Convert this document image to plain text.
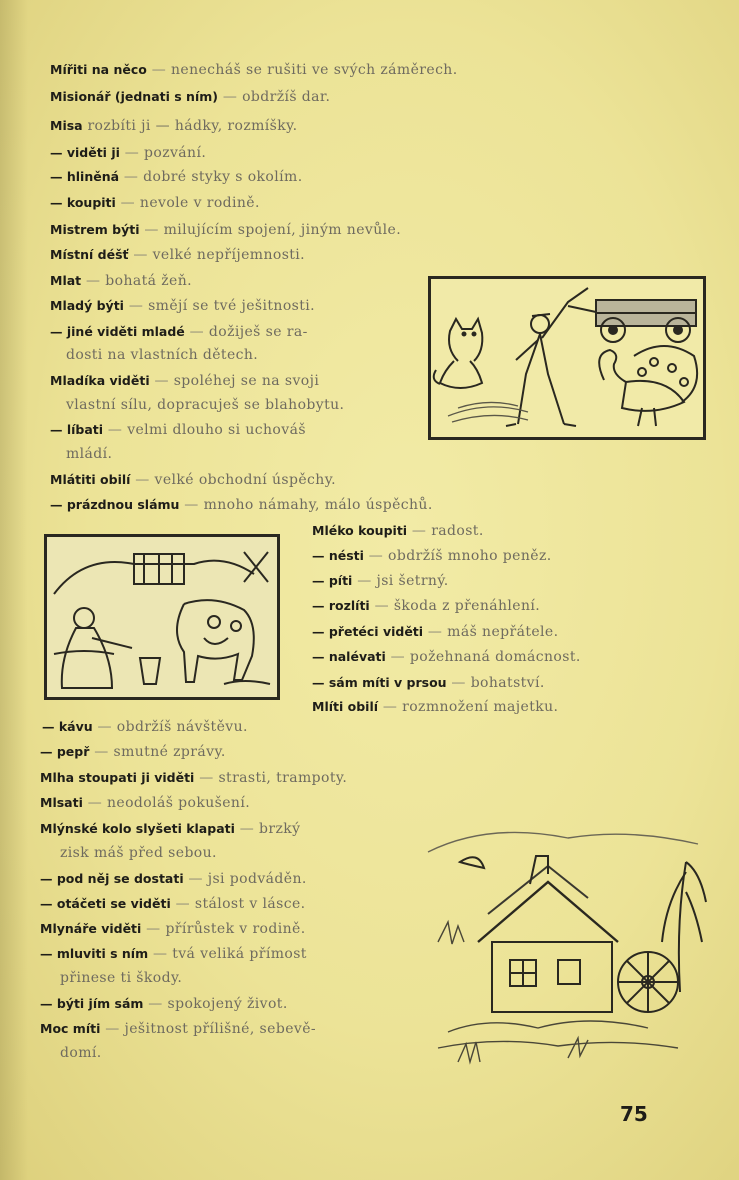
Mířiti na něco — nenecháš se rušiti ve svých záměrech.
Misionář (jednati s ním) — obdržíš dar.
Misa rozbíti ji — hádky, rozmíšky.
— viděti ji — pozvání.
— hliněná — dobré styky s okolím.
— koupiti — nevole v rodině.
Mistrem býti — milujícím spojení, jiným nevůle.
Místní déšť — velké nepříjemnosti.
Mlat — bohatá žeň.
Mladý býti — smějí se tvé ješitnosti.
— jiné viděti mladé — dožiješ se ra-
dosti na vlastních dětech.
Mladíka viděti — spoléhej se na svoji
vlastní sílu, dopracuješ se blahobytu.
— líbati — velmi dlouho si uchováš
mládí.
Mlátiti obilí — velké obchodní úspěchy.
— prázdnou slámu — mnoho námahy, málo úspěchů.
Mléko koupiti — radost.
— nésti — obdržíš mnoho peněz.
— píti — jsi šetrný.
— rozlíti — škoda z přenáhlení.
— přetéci viděti — máš nepřátele.
— nalévati — požehnaná domácnost.
— sám míti v prsou — bohatství.
Mlíti obilí — rozmnožení majetku.
— kávu — obdržíš návštěvu.
— pepř — smutné zprávy.
Mlha stoupati ji viděti — strasti, trampoty.
Mlsati — neodoláš pokušení.
Mlýnské kolo slyšeti klapati — brzký
zisk máš před sebou.
— pod něj se dostati — jsi podváděn.
— otáčeti se viděti — stálost v lásce.
Mlynáře viděti — přírůstek v rodině.
— mluviti s ním — tvá veliká přímost
přinese ti škody.
— býti jím sám — spokojený život.
Moc míti — ješitnost přílišné, sebevě-
domí.
75
